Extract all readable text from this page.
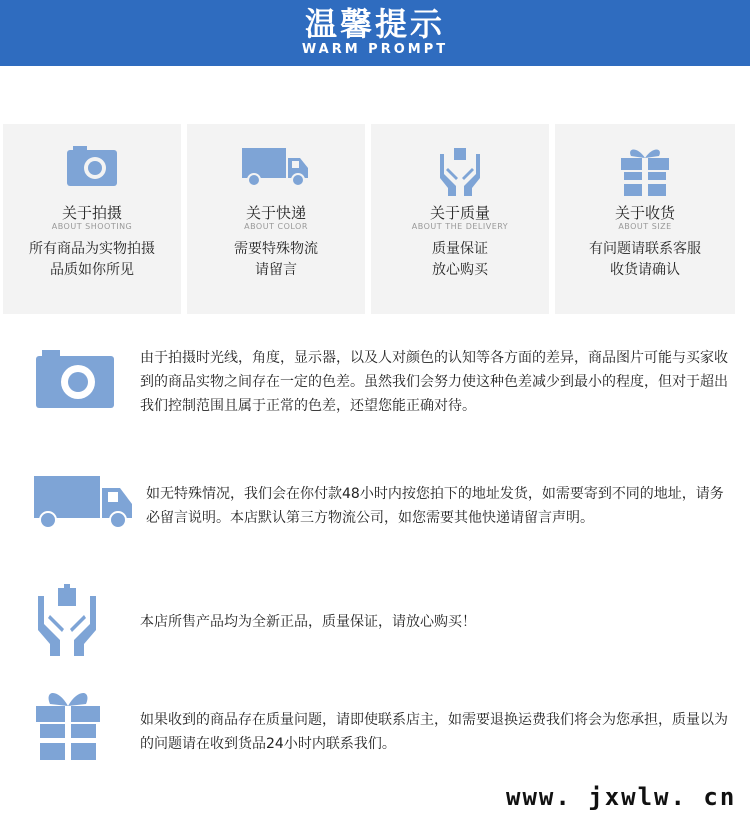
温馨提示
WARM PROMPT
关于拍摄
ABOUT SHOOTING
所有商品为实物拍摄
品质如你所见
关于快递
ABOUT COLOR
需要特殊物流
请留言
关于质量
ABOUT THE DELIVERY
质量保证
放心购买
关于收货
ABOUT SIZE
有问题请联系客服
收货请确认
由于拍摄时光线，角度，显示器，以及人对颜色的认知等各方面的差异，商品图片可能与买家收到的商品实物之间存在一定的色差。虽然我们会努力使这种色差减少到最小的程度，但对于超出我们控制范围且属于正常的色差，还望您能正确对待。
如无特殊情况，我们会在你付款48小时内按您拍下的地址发货，如需要寄到不同的地址，请务必留言说明。本店默认第三方物流公司，如您需要其他快递请留言声明。
本店所售产品均为全新正品，质量保证，请放心购买！
如果收到的商品存在质量问题，请即使联系店主，如需要退换运费我们将会为您承担，质量以为的问题请在收到货品24小时内联系我们。
www. jxwlw. cn
